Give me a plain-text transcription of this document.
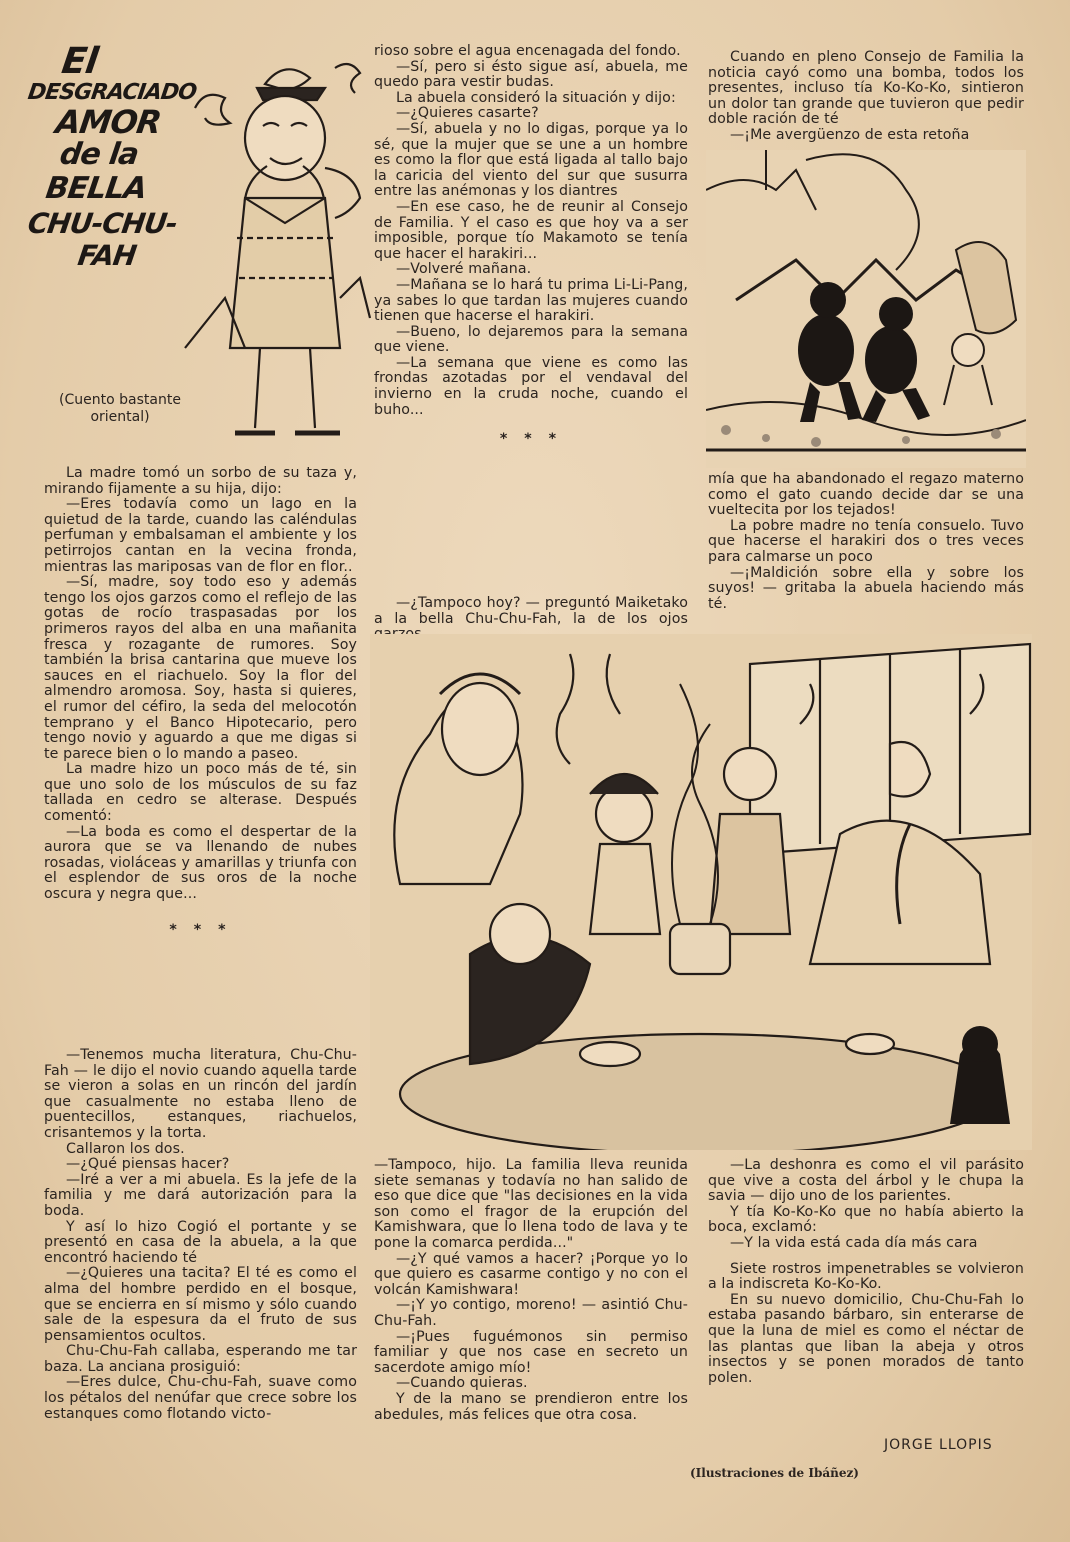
El
DESGRACIADO
AMOR
de la
BELLA
CHU-CHU-
FAH
(Cuento bastante oriental)

La madre tomó un sorbo de su taza y, mirando fijamente a su hija, dijo:

—Eres todavía como un lago en la quietud de la tarde, cuando las caléndulas perfuman y embalsaman el ambiente y los petirrojos cantan en la vecina fronda, mientras las mariposas van de flor en flor..

—Sí, madre, soy todo eso y además tengo los ojos garzos como el reflejo de las gotas de rocío traspasadas por los primeros rayos del alba en una mañanita fresca y rozagante de rumores. Soy también la brisa cantarina que mueve los sauces en el riachuelo. Soy la flor del almendro aromosa. Soy, hasta si quieres, el rumor del céfiro, la seda del melocotón temprano y el Banco Hipotecario, pero tengo novio y aguardo a que me digas si te parece bien o lo mando a paseo.

La madre hizo un poco más de té, sin que uno solo de los músculos de su faz tallada en cedro se alterase. Después comentó:

—La boda es como el despertar de la aurora que se va llenando de nubes rosadas, violáceas y amarillas y triunfa con el esplendor de sus oros de la noche oscura y negra que...

* * *

—Tenemos mucha literatura, Chu-Chu-Fah — le dijo el novio cuando aquella tarde se vieron a solas en un rincón del jardín que casualmente no estaba lleno de puentecillos, estanques, riachuelos, crisantemos y la torta.

Callaron los dos.

—¿Qué piensas hacer?

—Iré a ver a mi abuela. Es la jefe de la familia y me dará autorización para la boda.

Y así lo hizo Cogió el portante y se presentó en casa de la abuela, a la que encontró haciendo té

—¿Quieres una tacita? El té es como el alma del hombre perdido en el bosque, que se encierra en sí mismo y sólo cuando sale de la espesura da el fruto de sus pensamientos ocultos.

Chu-Chu-Fah callaba, esperando me tar baza. La anciana prosiguió:

—Eres dulce, Chu-chu-Fah, suave como los pétalos del nenúfar que crece sobre los estanques como flotando victo-

rioso sobre el agua encenagada del fondo.

—Sí, pero si ésto sigue así, abuela, me quedo para vestir budas.

La abuela consideró la situación y dijo:

—¿Quieres casarte?

—Sí, abuela y no lo digas, porque ya lo sé, que la mujer que se une a un hombre es como la flor que está ligada al tallo bajo la caricia del viento del sur que susurra entre las anémonas y los diantres

—En ese caso, he de reunir al Consejo de Familia. Y el caso es que hoy va a ser imposible, porque tío Makamoto se tenía que hacer el harakiri...

—Volveré mañana.

—Mañana se lo hará tu prima Li-Li-Pang, ya sabes lo que tardan las mujeres cuando tienen que hacerse el harakiri.

—Bueno, lo dejaremos para la semana que viene.

—La semana que viene es como las frondas azotadas por el vendaval del invierno en la cruda noche, cuando el buho...

* * *

—¿Tampoco hoy? — preguntó Maiketako a la bella Chu-Chu-Fah, la de los ojos

Cuando en pleno Consejo de Familia la noticia cayó como una bomba, todos los presentes, incluso tía Ko-Ko-Ko, sintieron un dolor tan grande que tuvieron que pedir doble ración de té

—¡Me avergüenzo de esta retoña

mía que ha abandonado el regazo materno como el gato cuando decide dar se una vueltecita por los tejados!

La pobre madre no tenía consuelo. Tuvo que hacerse el harakiri dos o tres veces para calmarse un poco

—¡Maldición sobre ella y sobre los suyos! — gritaba la abuela haciendo más té.

—Tampoco, hijo. La familia lleva reunida siete semanas y todavía no han salido de eso que dice que "las decisiones en la vida son como el fragor de la erupción del Kamishwara, que lo llena todo de lava y te pone la comarca perdida..."

—¿Y qué vamos a hacer? ¡Porque yo lo que quiero es casarme contigo y no con el volcán Kamishwara!

—¡Y yo contigo, moreno! — asintió Chu-Chu-Fah.

—¡Pues fuguémonos sin permiso familiar y que nos case en secreto un sacerdote amigo mío!

—Cuando quieras.

Y de la mano se prendieron entre los abedules, más felices que otra cosa.

—La deshonra es como el vil parásito que vive a costa del árbol y le chupa la savia — dijo uno de los parientes.

Y tía Ko-Ko-Ko que no había abierto la boca, exclamó:

—Y la vida está cada día más cara

Siete rostros impenetrables se volvieron a la indiscreta Ko-Ko-Ko.

En su nuevo domicilio, Chu-Chu-Fah lo estaba pasando bárbaro, sin enterarse de que la luna de miel es como el néctar de las plantas que liban la abeja y otros insectos y se ponen morados de tanto polen.

JORGE LLOPIS
(Ilustraciones de Ibáñez)
